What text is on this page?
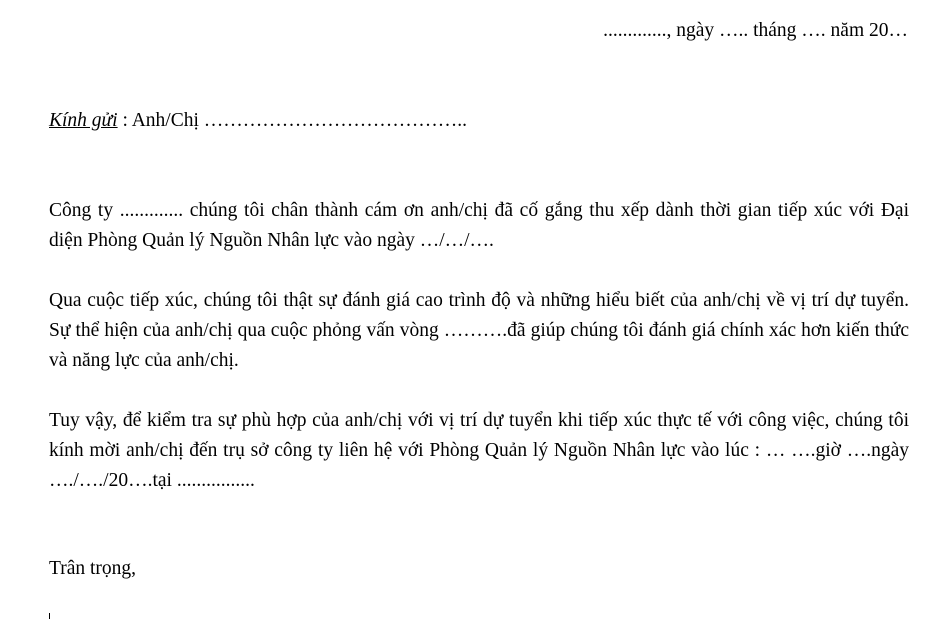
............., ngày ….. tháng …. năm 20…
Kính gửi : Anh/Chị …………………………………..

Công ty ............. chúng tôi chân thành cám ơn anh/chị đã cố gắng thu xếp dành thời gian tiếp xúc với Đại diện Phòng Quản lý Nguồn Nhân lực vào ngày …/…/….

Qua cuộc tiếp xúc, chúng tôi thật sự đánh giá cao trình độ và những hiểu biết của anh/chị về vị trí dự tuyển. Sự thể hiện của anh/chị qua cuộc phỏng vấn vòng ……….đã giúp chúng tôi đánh giá chính xác hơn kiến thức và năng lực của anh/chị.

Tuy vậy, để kiểm tra sự phù hợp của anh/chị với vị trí dự tuyển khi tiếp xúc thực tế với công việc, chúng tôi kính mời anh/chị đến trụ sở công ty liên hệ với Phòng Quản lý Nguồn Nhân lực vào lúc : … ….giờ ….ngày …./…./20….tại ................

Trân trọng,
